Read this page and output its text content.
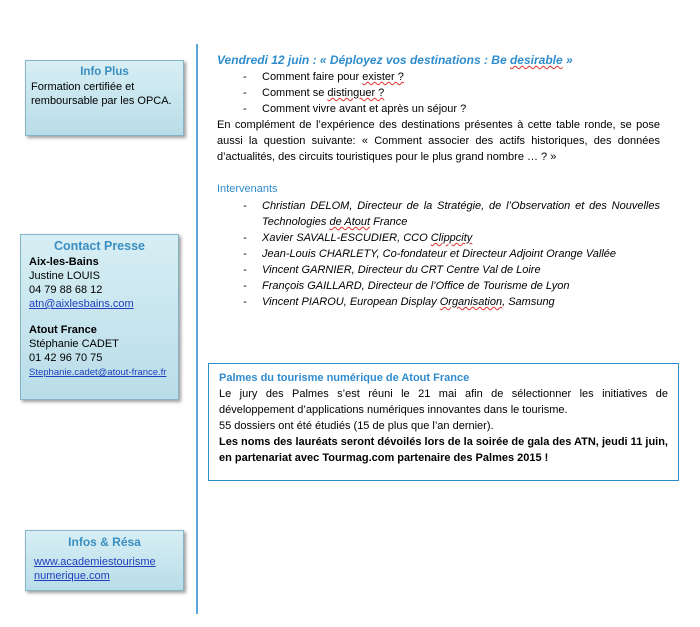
Info Plus
Formation certifiée et remboursable par les OPCA.
Contact Presse
Aix-les-Bains
Justine LOUIS
04 79 88 68 12
atn@aixlesbains.com
Atout France
Stéphanie CADET
01 42 96 70 75
Stephanie.cadet@atout-france.fr
Infos & Résa
www.academiestourisme
numerique.com
Vendredi 12 juin : « Déployez vos destinations : Be desirable »
- Comment faire pour exister ?
- Comment se distinguer ?
- Comment vivre avant et après un séjour ?

En complément de l’expérience des destinations présentes à cette table ronde, se pose aussi la question suivante: « Comment associer des actifs historiques, des données d’actualités, des circuits touristiques pour le plus grand nombre … ? »

Intervenants
- Christian DELOM, Directeur de la Stratégie, de l’Observation et des Nouvelles Technologies de Atout France
- Xavier SAVALL-ESCUDIER, CCO Clippcity
- Jean-Louis CHARLETY, Co-fondateur et Directeur Adjoint Orange Vallée
- Vincent GARNIER, Directeur du CRT Centre Val de Loire
- François GAILLARD, Directeur de l’Office de Tourisme de Lyon
- Vincent PIAROU, European Display Organisation, Samsung
Palmes du tourisme numérique de Atout France

Le jury des Palmes s’est réuni le 21 mai afin de sélectionner les initiatives de développement d’applications numériques innovantes dans le tourisme.

55 dossiers ont été étudiés (15 de plus que l’an dernier).

Les noms des lauréats seront dévoilés lors de la soirée de gala des ATN, jeudi 11 juin, en partenariat avec Tourmag.com partenaire des Palmes 2015 !
